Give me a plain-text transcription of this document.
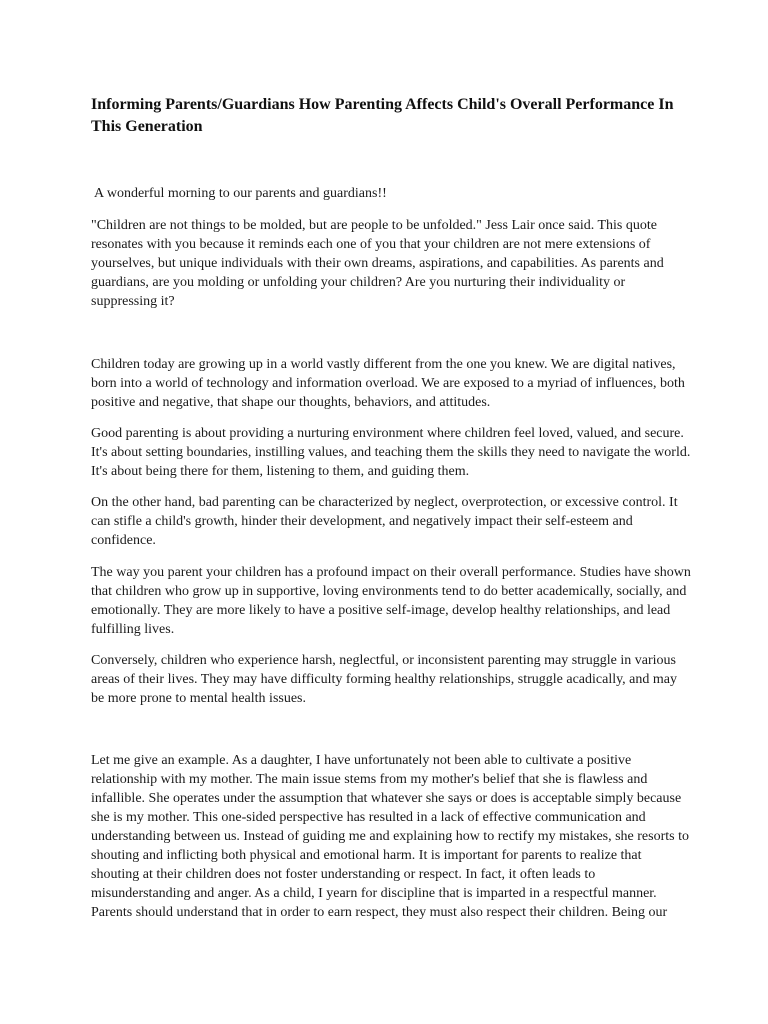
Informing Parents/Guardians How Parenting Affects Child's Overall Performance In This Generation

A wonderful morning to our parents and guardians!!

"Children are not things to be molded, but are people to be unfolded." Jess Lair once said. This quote resonates with you because it reminds each one of you that your children are not mere extensions of yourselves, but unique individuals with their own dreams, aspirations, and capabilities. As parents and guardians, are you molding or unfolding your children? Are you nurturing their individuality or suppressing it?

Children today are growing up in a world vastly different from the one you knew. We are digital natives, born into a world of technology and information overload. We are exposed to a myriad of influences, both positive and negative, that shape our thoughts, behaviors, and attitudes.

Good parenting is about providing a nurturing environment where children feel loved, valued, and secure. It's about setting boundaries, instilling values, and teaching them the skills they need to navigate the world. It's about being there for them, listening to them, and guiding them.

On the other hand, bad parenting can be characterized by neglect, overprotection, or excessive control. It can stifle a child's growth, hinder their development, and negatively impact their self-esteem and confidence.

The way you parent your children has a profound impact on their overall performance. Studies have shown that children who grow up in supportive, loving environments tend to do better academically, socially, and emotionally. They are more likely to have a positive self-image, develop healthy relationships, and lead fulfilling lives.

Conversely, children who experience harsh, neglectful, or inconsistent parenting may struggle in various areas of their lives. They may have difficulty forming healthy relationships, struggle acadically, and may be more prone to mental health issues.

Let me give an example. As a daughter, I have unfortunately not been able to cultivate a positive relationship with my mother. The main issue stems from my mother's belief that she is flawless and infallible. She operates under the assumption that whatever she says or does is acceptable simply because she is my mother. This one-sided perspective has resulted in a lack of effective communication and understanding between us. Instead of guiding me and explaining how to rectify my mistakes, she resorts to shouting and inflicting both physical and emotional harm. It is important for parents to realize that shouting at their children does not foster understanding or respect. In fact, it often leads to misunderstanding and anger. As a child, I yearn for discipline that is imparted in a respectful manner. Parents should understand that in order to earn respect, they must also respect their children. Being our
